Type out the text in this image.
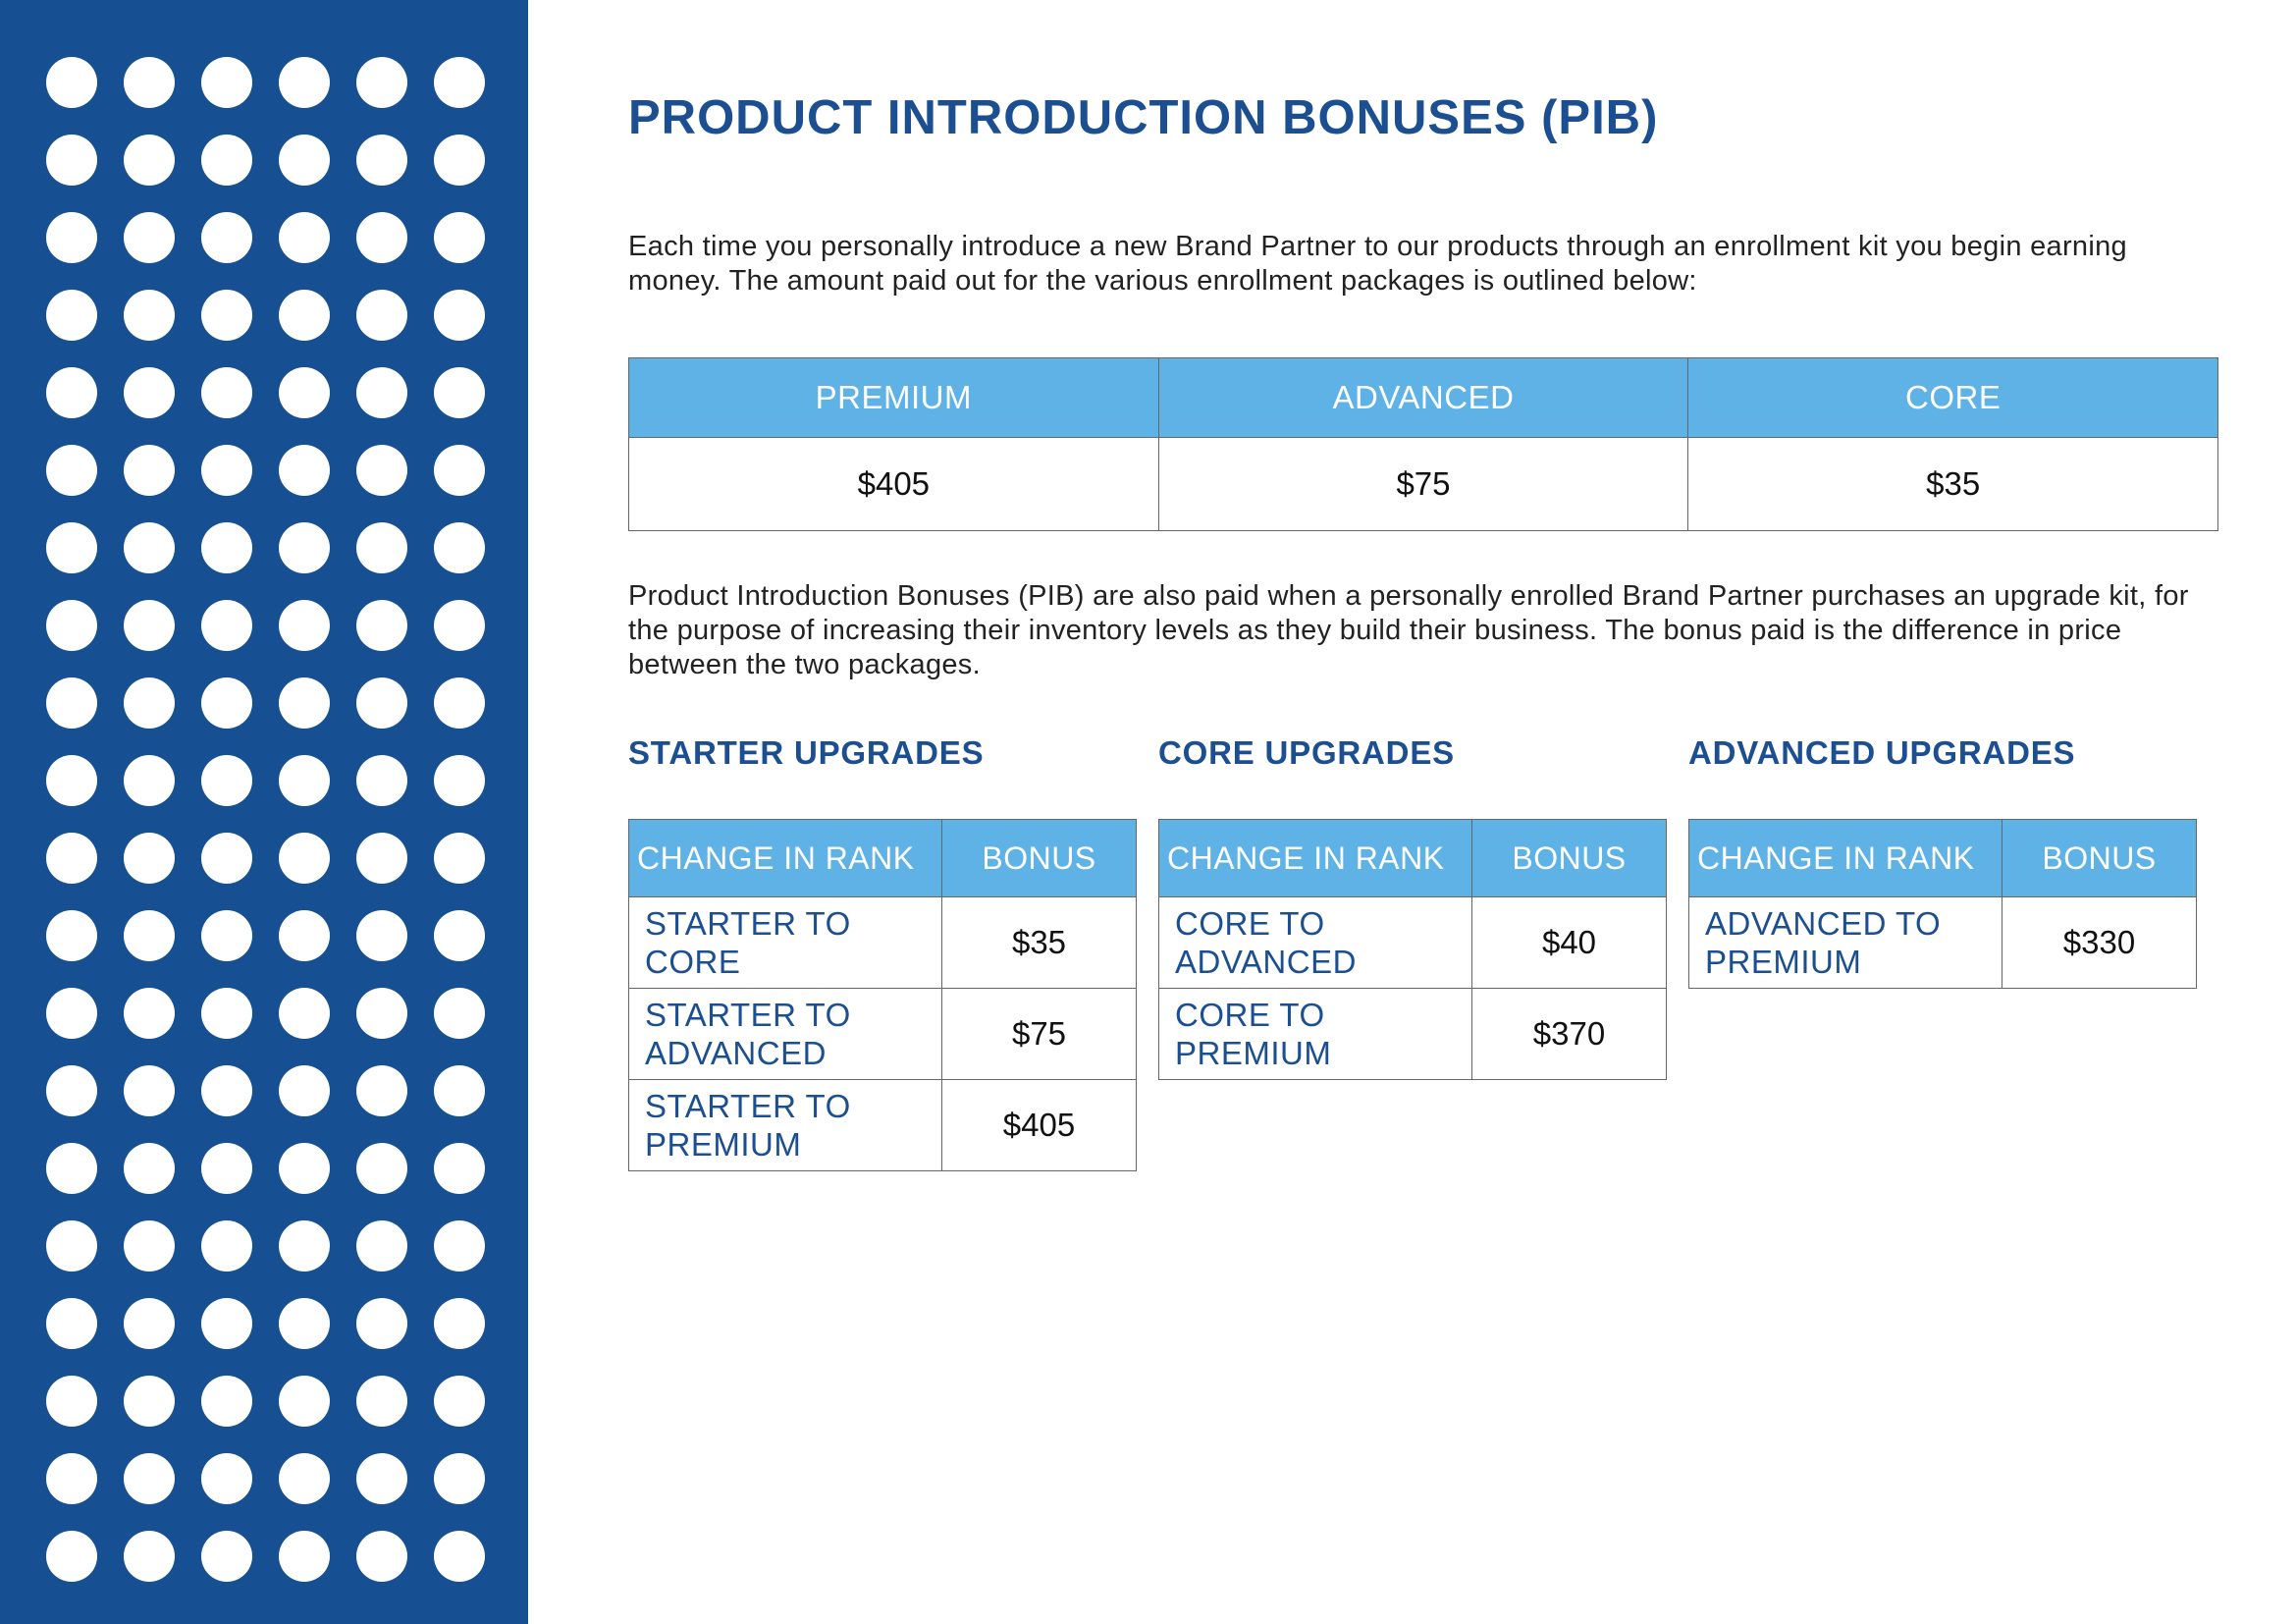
PRODUCT INTRODUCTION BONUSES (PIB)

Each time you personally introduce a new Brand Partner to our products through an enrollment kit you begin earning money. The amount paid out for the various enrollment packages is outlined below:

PREMIUM	ADVANCED	CORE
$405	$75	$35

Product Introduction Bonuses (PIB) are also paid when a personally enrolled Brand Partner purchases an upgrade kit, for the purpose of increasing their inventory levels as they build their business. The bonus paid is the difference in price between the two packages.

STARTER UPGRADES
CHANGE IN RANK	BONUS
STARTER TO CORE	$35
STARTER TO ADVANCED	$75
STARTER TO PREMIUM	$405
CORE UPGRADES
CHANGE IN RANK	BONUS
CORE TO ADVANCED	$40
CORE TO PREMIUM	$370
ADVANCED UPGRADES
CHANGE IN RANK	BONUS
ADVANCED TO PREMIUM	$330
